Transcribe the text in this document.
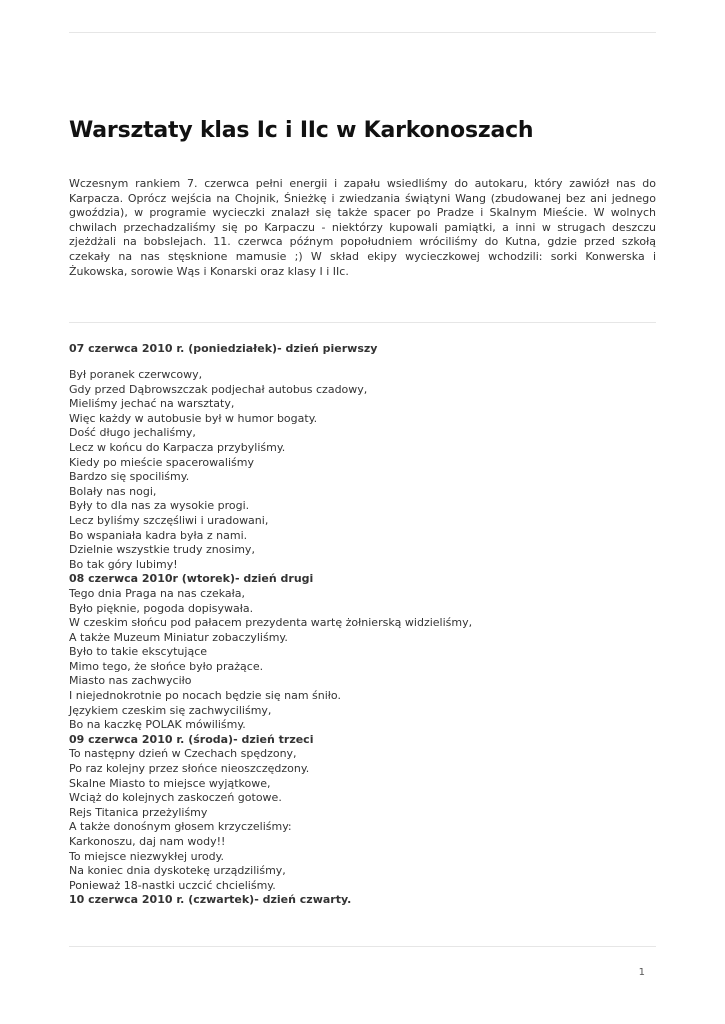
Warsztaty klas Ic i IIc w Karkonoszach

Wczesnym rankiem 7. czerwca pełni energii i zapału wsiedliśmy do autokaru, który zawiózł nas do Karpacza. Oprócz wejścia na Chojnik, Śnieżkę i zwiedzania świątyni Wang (zbudowanej bez ani jednego gwoździa), w programie wycieczki znalazł się także spacer po Pradze i Skalnym Mieście. W wolnych chwilach przechadzaliśmy się po Karpaczu - niektórzy kupowali pamiątki, a inni w strugach deszczu zjeżdżali na bobslejach. 11. czerwca późnym popołudniem wróciliśmy do Kutna, gdzie przed szkołą czekały na nas stęsknione mamusie ;) W skład ekipy wycieczkowej wchodzili: sorki Konwerska i Żukowska, sorowie Wąs i Konarski oraz klasy I i IIc.

07 czerwca 2010 r. (poniedziałek)- dzień pierwszy

Był poranek czerwcowy,
Gdy przed Dąbrowszczak podjechał autobus czadowy,
Mieliśmy jechać na warsztaty,
Więc każdy w autobusie był w humor bogaty.
Dość długo jechaliśmy,
Lecz w końcu do Karpacza przybyliśmy.
Kiedy po mieście spacerowaliśmy
Bardzo się spociliśmy.
Bolały nas nogi,
Były to dla nas za wysokie progi.
Lecz byliśmy szczęśliwi i uradowani,
Bo wspaniała kadra była z nami.
Dzielnie wszystkie trudy znosimy,
Bo tak góry lubimy!
08 czerwca 2010r (wtorek)- dzień drugi
Tego dnia Praga na nas czekała,
Było pięknie, pogoda dopisywała.
W czeskim słońcu pod pałacem prezydenta wartę żołnierską widzieliśmy,
A także Muzeum Miniatur zobaczyliśmy.
Było to takie ekscytujące
Mimo tego, że słońce było prażące.
Miasto nas zachwyciło
I niejednokrotnie po nocach będzie się nam śniło.
Językiem czeskim się zachwyciliśmy,
Bo na kaczkę POLAK mówiliśmy.
09 czerwca 2010 r. (środa)- dzień trzeci
To następny dzień w Czechach spędzony,
Po raz kolejny przez słońce nieoszczędzony.
Skalne Miasto to miejsce wyjątkowe,
Wciąż do kolejnych zaskoczeń gotowe.
Rejs Titanica przeżyliśmy
A także donośnym głosem krzyczeliśmy:
Karkonoszu, daj nam wody!!
To miejsce niezwykłej urody.
Na koniec dnia dyskotekę urządziliśmy,
Ponieważ 18-nastki uczcić chcieliśmy.
10 czerwca 2010 r. (czwartek)- dzień czwarty.
1
